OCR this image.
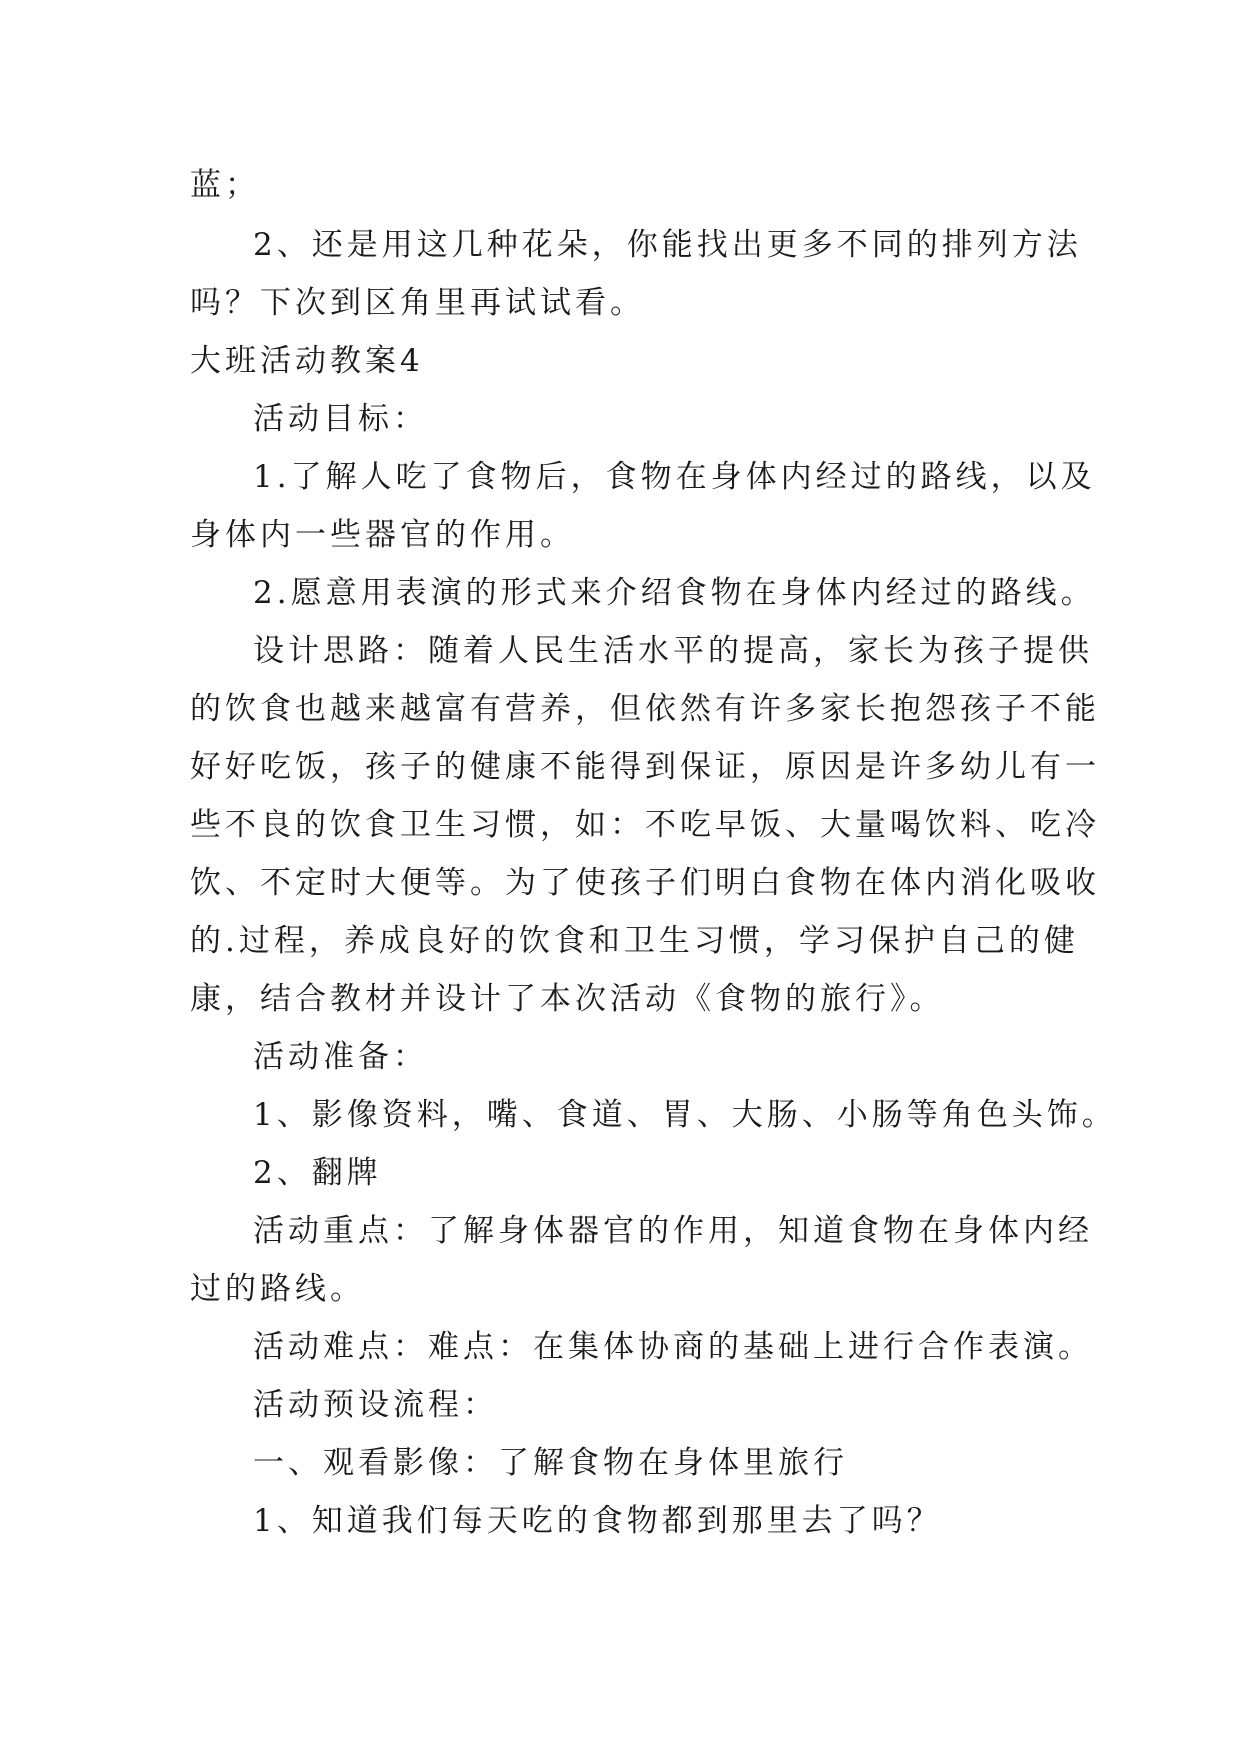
蓝；
2、还是用这几种花朵，你能找出更多不同的排列方法
吗？下次到区角里再试试看。
大班活动教案4
活动目标：
1.了解人吃了食物后，食物在身体内经过的路线，以及
身体内一些器官的作用。
2.愿意用表演的形式来介绍食物在身体内经过的路线。
设计思路：随着人民生活水平的提高，家长为孩子提供
的饮食也越来越富有营养，但依然有许多家长抱怨孩子不能
好好吃饭，孩子的健康不能得到保证，原因是许多幼儿有一
些不良的饮食卫生习惯，如：不吃早饭、大量喝饮料、吃冷
饮、不定时大便等。为了使孩子们明白食物在体内消化吸收
的.过程，养成良好的饮食和卫生习惯，学习保护自己的健
康，结合教材并设计了本次活动《食物的旅行》。
活动准备：
1、影像资料，嘴、食道、胃、大肠、小肠等角色头饰。
2、翻牌
活动重点：了解身体器官的作用，知道食物在身体内经
过的路线。
活动难点：难点：在集体协商的基础上进行合作表演。
活动预设流程：
一、观看影像：了解食物在身体里旅行
1、知道我们每天吃的食物都到那里去了吗？
